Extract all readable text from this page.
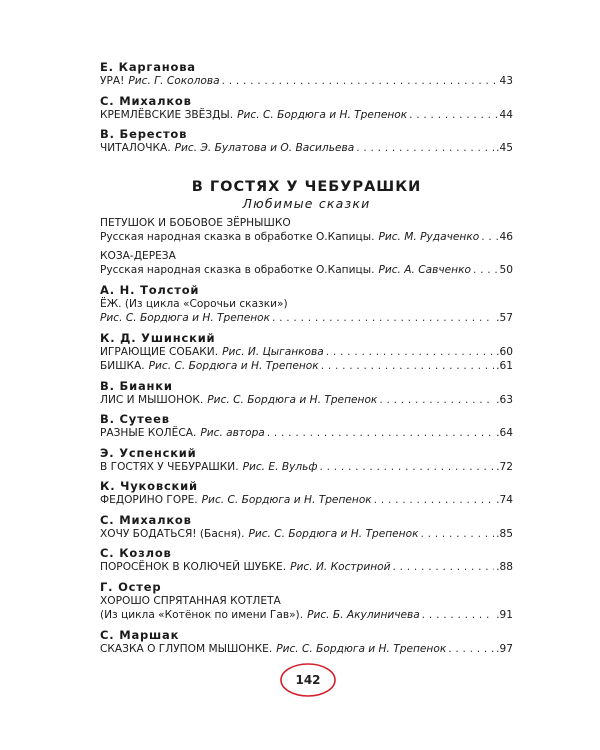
Е. Карганова
УРА! Рис. Г. Соколова . . .	43
С. Михалков
КРЕМЛЁВСКИЕ ЗВЁЗДЫ. Рис. С. Бордюга и Н. Трепенок . . .	44
В. Берестов
ЧИТАЛОЧКА. Рис. Э. Булатова и О. Васильева . . .	.45
В ГОСТЯХ У ЧЕБУРАШКИ
Любимые сказки
ПЕТУШОК И БОБОВОЕ ЗЁРНЫШКО
Русская народная сказка в обработке О.Капицы. Рис. М. Рудаченко . . . 46
КОЗА-ДЕРЕЗА
Русская народная сказка в обработке О.Капицы. Рис. А. Савченко . . .	50
А. Н. Толстой
ЁЖ. (Из цикла «Сорочьи сказки»)
Рис. С. Бордюга и Н. Трепенок . . .	.57
К. Д. Ушинский
ИГРАЮЩИЕ СОБАКИ. Рис. И. Цыганкова . . .	.60
БИШКА. Рис. С. Бордюга и Н. Трепенок . . .	.61
В. Бианки
ЛИС И МЫШОНОК. Рис. С. Бордюга и Н. Трепенок . . .	.63
В. Сутеев
РАЗНЫЕ КОЛЁСА. Рис. автора . . .	.64
Э. Успенский
В ГОСТЯХ У ЧЕБУРАШКИ. Рис. Е. Вульф . . .	.72
К. Чуковский
ФЕДОРИНО ГОРЕ. Рис. С. Бордюга и Н. Трепенок . . .	.74
С. Михалков
ХОЧУ БОДАТЬСЯ! (Басня). Рис. С. Бордюга и Н. Трепенок . . .	.85
С. Козлов
ПОРОСЁНОК В КОЛЮЧЕЙ ШУБКЕ. Рис. И. Костриной . . .	.88
Г. Остер
ХОРОШО СПРЯТАННАЯ КОТЛЕТА
(Из цикла «Котёнок по имени Гав»). Рис. Б. Акулиничева . . .	.91
С. Маршак
СКАЗКА О ГЛУПОМ МЫШОНКЕ. Рис. С. Бордюга и Н. Трепенок . . .	.97
142
